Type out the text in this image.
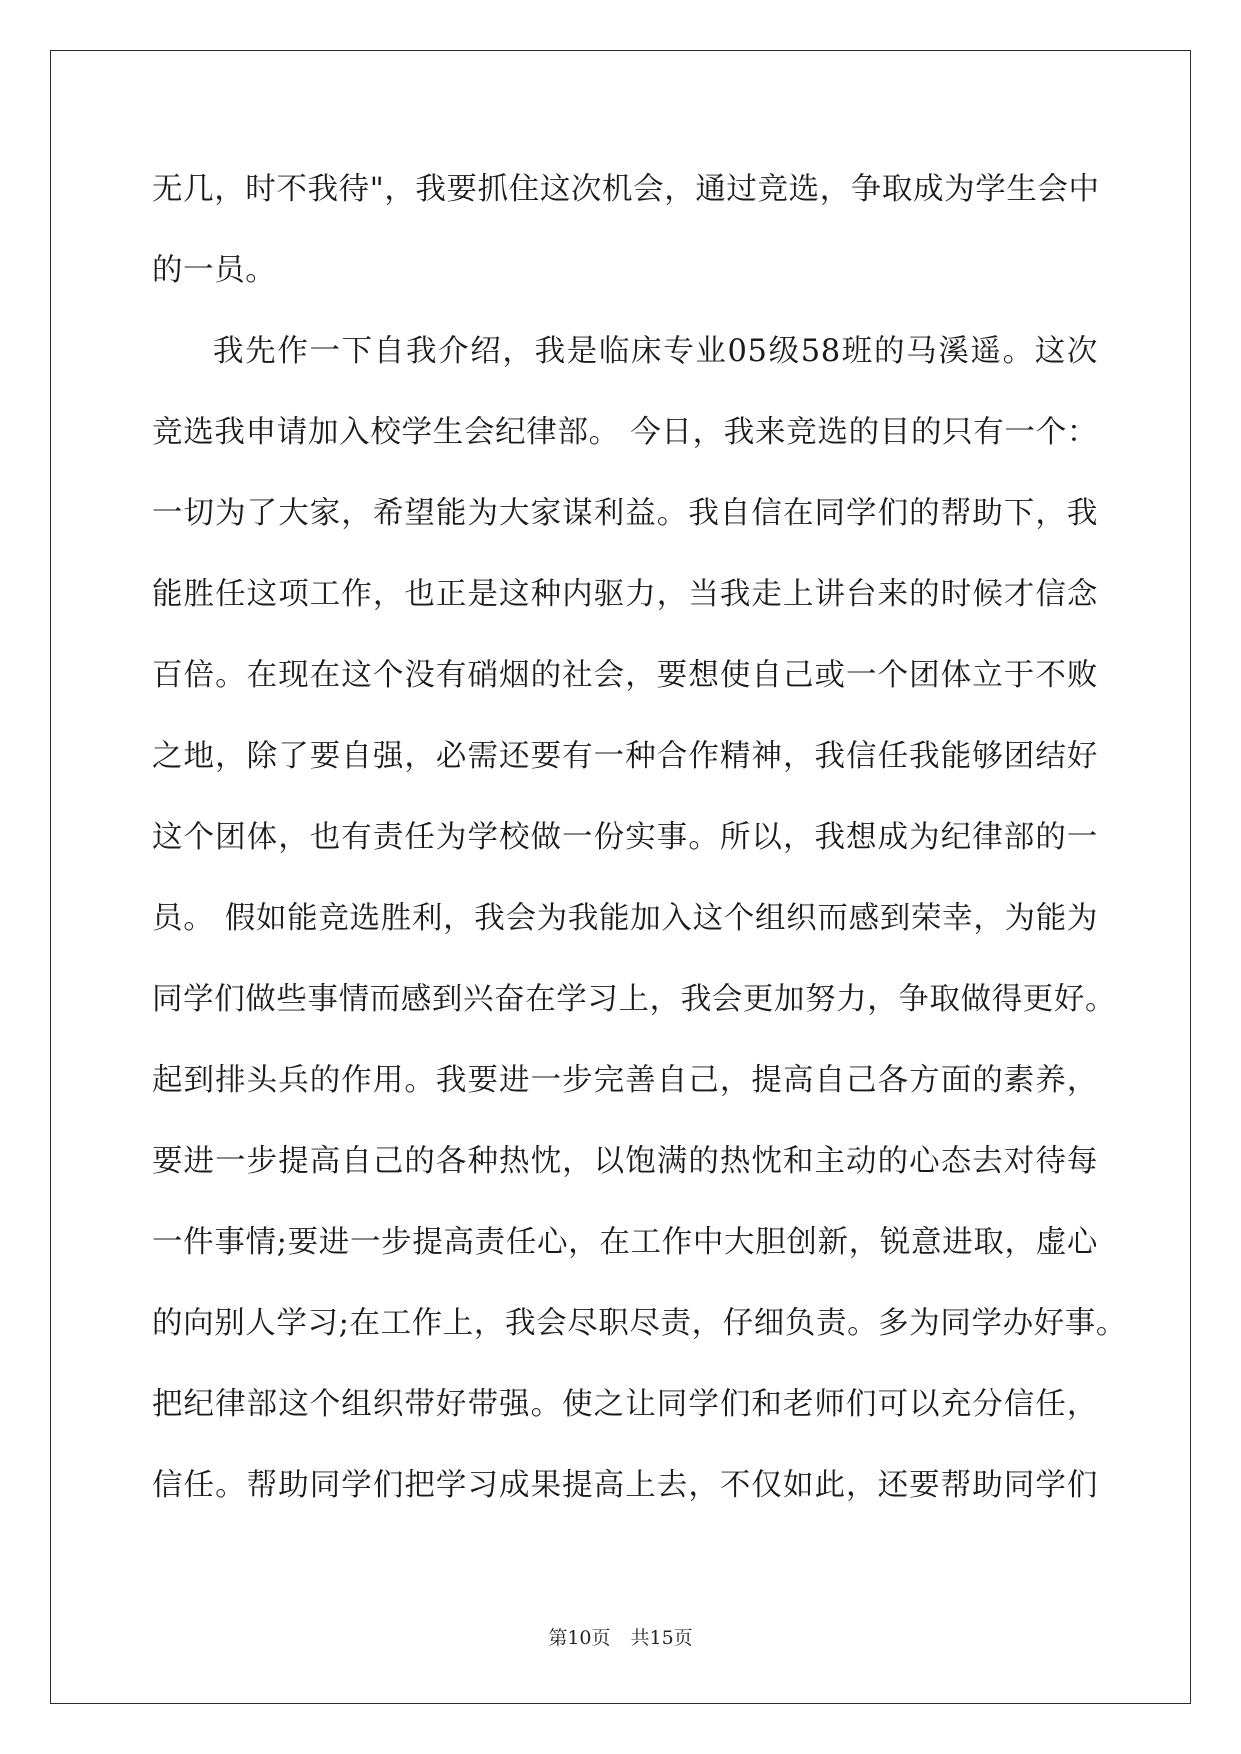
无几，时不我待"，我要抓住这次机会，通过竞选，争取成为学生会中
的一员。
我先作一下自我介绍，我是临床专业05级58班的马溪遥。这次
竞选我申请加入校学生会纪律部。 今日，我来竞选的目的只有一个：
一切为了大家，希望能为大家谋利益。我自信在同学们的帮助下，我
能胜任这项工作，也正是这种内驱力，当我走上讲台来的时候才信念
百倍。在现在这个没有硝烟的社会，要想使自己或一个团体立于不败
之地，除了要自强，必需还要有一种合作精神，我信任我能够团结好
这个团体，也有责任为学校做一份实事。所以，我想成为纪律部的一
员。 假如能竞选胜利，我会为我能加入这个组织而感到荣幸，为能为
同学们做些事情而感到兴奋在学习上，我会更加努力，争取做得更好。
起到排头兵的作用。我要进一步完善自己，提高自己各方面的素养，
要进一步提高自己的各种热忱，以饱满的热忱和主动的心态去对待每
一件事情;要进一步提高责任心，在工作中大胆创新，锐意进取，虚心
的向别人学习;在工作上，我会尽职尽责，仔细负责。多为同学办好事。
把纪律部这个组织带好带强。使之让同学们和老师们可以充分信任，
信任。帮助同学们把学习成果提高上去，不仅如此，还要帮助同学们
第10页 共15页
